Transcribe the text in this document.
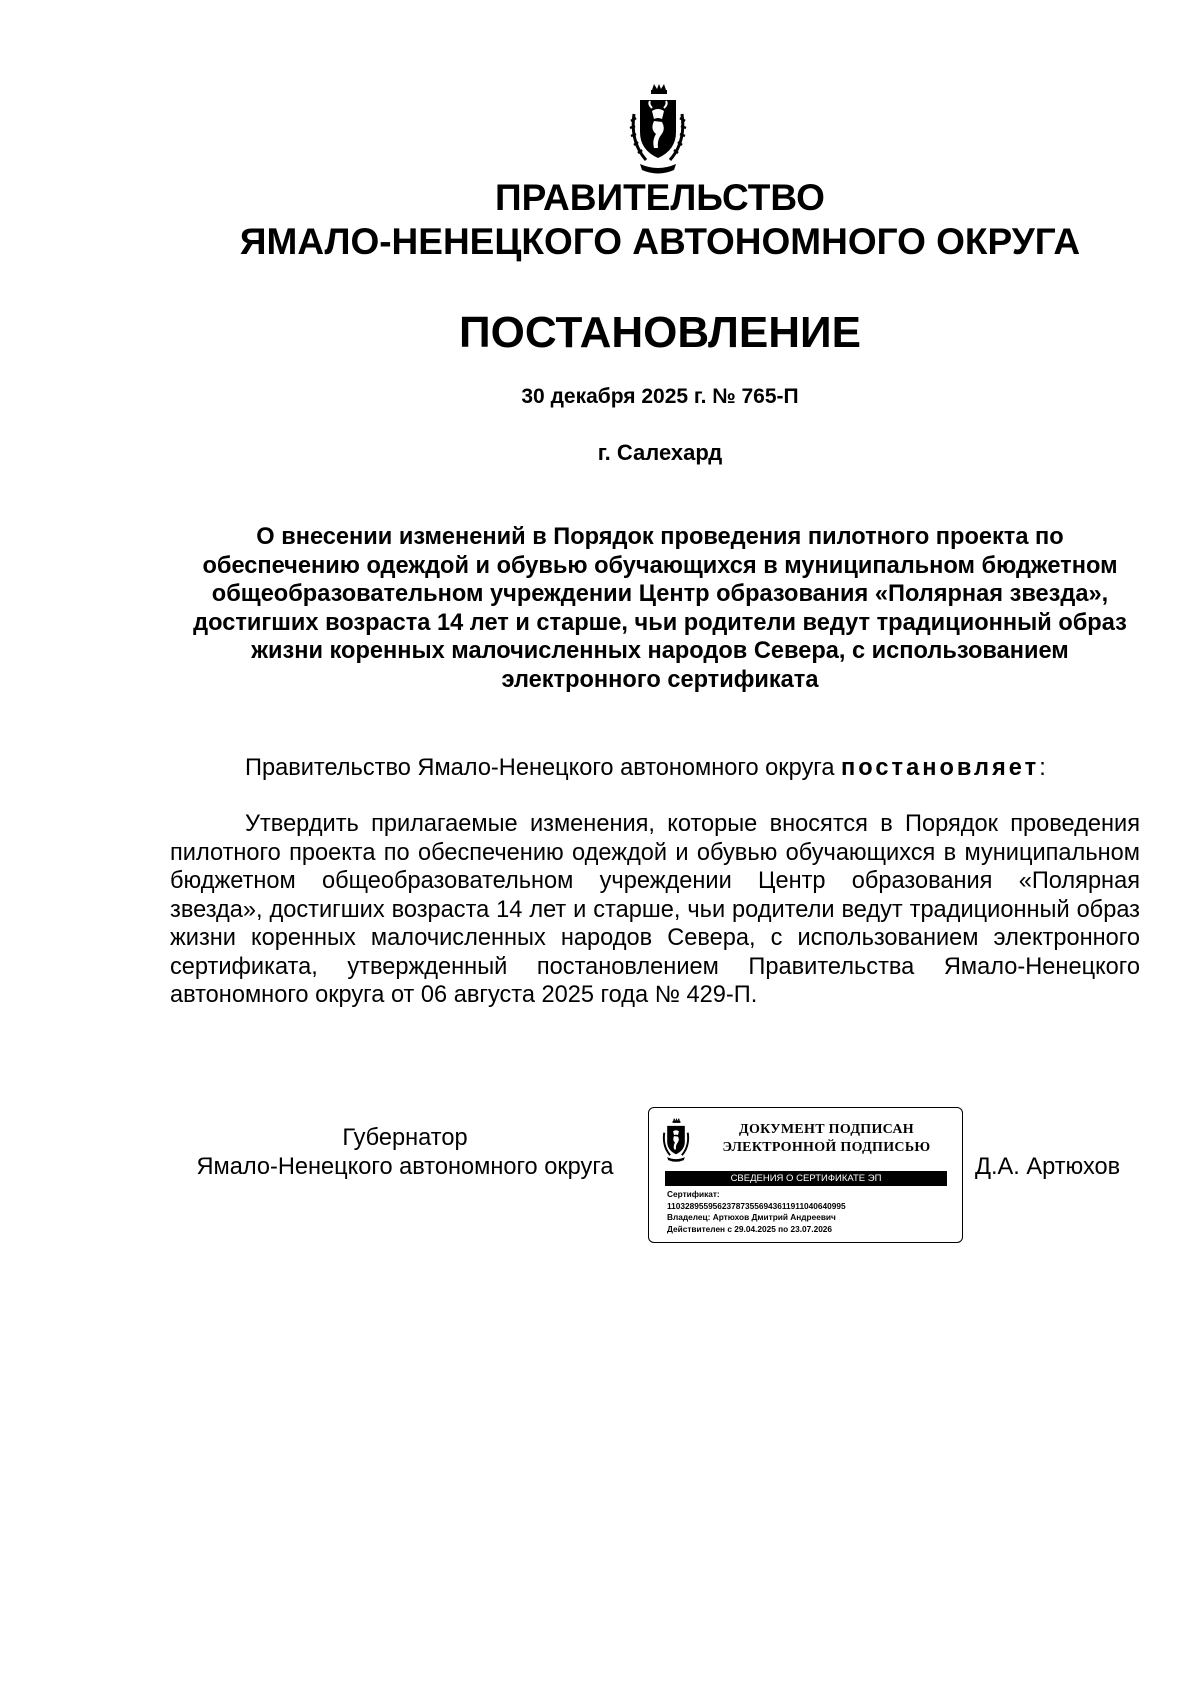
ПРАВИТЕЛЬСТВО
ЯМАЛО-НЕНЕЦКОГО АВТОНОМНОГО ОКРУГА
ПОСТАНОВЛЕНИЕ
30 декабря 2025 г. № 765-П
г. Салехард

О внесении изменений в Порядок проведения пилотного проекта по обеспечению одеждой и обувью обучающихся в муниципальном бюджетном общеобразовательном учреждении Центр образования «Полярная звезда», достигших возраста 14 лет и старше, чьи родители ведут традиционный образ жизни коренных малочисленных народов Севера, с использованием электронного сертификата

Правительство Ямало-Ненецкого автономного округа постановляет:

Утвердить прилагаемые изменения, которые вносятся в Порядок проведения пилотного проекта по обеспечению одеждой и обувью обучающихся в муниципальном бюджетном общеобразовательном учреждении Центр образования «Полярная звезда», достигших возраста 14 лет и старше, чьи родители ведут традиционный образ жизни коренных малочисленных народов Севера, с использованием электронного сертификата, утвержденный постановлением Правительства Ямало-Ненецкого автономного округа от 06 августа 2025 года № 429-П.

Губернатор
Ямало-Ненецкого автономного округа
ДОКУМЕНТ ПОДПИСАН
ЭЛЕКТРОННОЙ ПОДПИСЬЮ
СВЕДЕНИЯ О СЕРТИФИКАТЕ ЭП
Сертификат:
110328955956237873556943611911040640995
Владелец: Артюхов Дмитрий Андреевич
Действителен с 29.04.2025 по 23.07.2026
Д.А. Артюхов
